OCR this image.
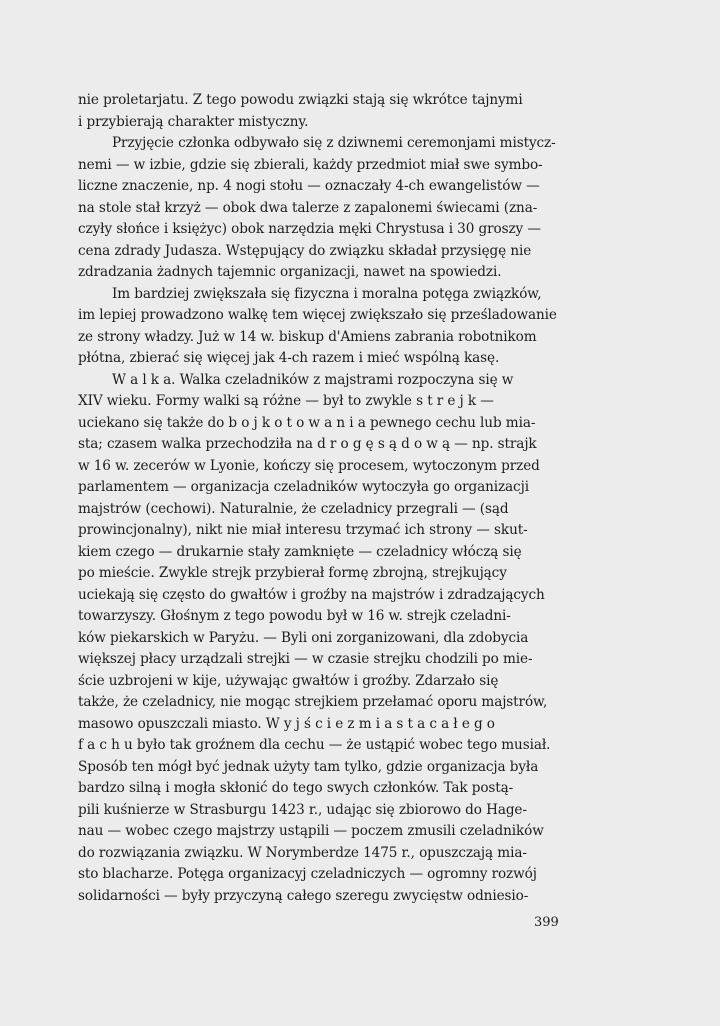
nie proletarjatu. Z tego powodu związki stają się wkrótce tajnymi
i przybierają charakter mistyczny.
Przyjęcie członka odbywało się z dziwnemi ceremonjami mistycz-
nemi — w izbie, gdzie się zbierali, każdy przedmiot miał swe symbo-
liczne znaczenie, np. 4 nogi stołu — oznaczały 4-ch ewangelistów —
na stole stał krzyż — obok dwa talerze z zapalonemi świecami (zna-
czyły słońce i księżyc) obok narzędzia męki Chrystusa i 30 groszy —
cena zdrady Judasza. Wstępujący do związku składał przysięgę nie
zdradzania żadnych tajemnic organizacji, nawet na spowiedzi.
Im bardziej zwiększała się fizyczna i moralna potęga związków,
im lepiej prowadzono walkę tem więcej zwiększało się prześladowanie
ze strony władzy. Już w 14 w. biskup d'Amiens zabrania robotnikom
płótna, zbierać się więcej jak 4-ch razem i mieć wspólną kasę.
W a l k a. Walka czeladników z majstrami rozpoczyna się w
XIV wieku. Formy walki są różne — był to zwykle s t r e j k —
uciekano się także do b o j k o t o w a n i a pewnego cechu lub mia-
sta; czasem walka przechodziła na d r o g ę s ą d o w ą — np. strajk
w 16 w. zecerów w Lyonie, kończy się procesem, wytoczonym przed
parlamentem — organizacja czeladników wytoczyła go organizacji
majstrów (cechowi). Naturalnie, że czeladnicy przegrali — (sąd
prowincjonalny), nikt nie miał interesu trzymać ich strony — skut-
kiem czego — drukarnie stały zamknięte — czeladnicy włóczą się
po mieście. Zwykle strejk przybierał formę zbrojną, strejkujący
uciekają się często do gwałtów i groźby na majstrów i zdradzających
towarzyszy. Głośnym z tego powodu był w 16 w. strejk czeladni-
ków piekarskich w Paryżu. — Byli oni zorganizowani, dla zdobycia
większej płacy urządzali strejki — w czasie strejku chodzili po mie-
ście uzbrojeni w kije, używając gwałtów i groźby. Zdarzało się
także, że czeladnicy, nie mogąc strejkiem przełamać oporu majstrów,
masowo opuszczali miasto. W y j ś c i e z m i a s t a c a ł e g o
f a c h u było tak groźnem dla cechu — że ustąpić wobec tego musiał.
Sposób ten mógł być jednak użyty tam tylko, gdzie organizacja była
bardzo silną i mogła skłonić do tego swych członków. Tak postą-
pili kuśnierze w Strasburgu 1423 r., udając się zbiorowo do Hage-
nau — wobec czego majstrzy ustąpili — poczem zmusili czeladników
do rozwiązania związku. W Norymberdze 1475 r., opuszczają mia-
sto blacharze. Potęga organizacyj czeladniczych — ogromny rozwój
solidarności — były przyczyną całego szeregu zwycięstw odniesio-
399
